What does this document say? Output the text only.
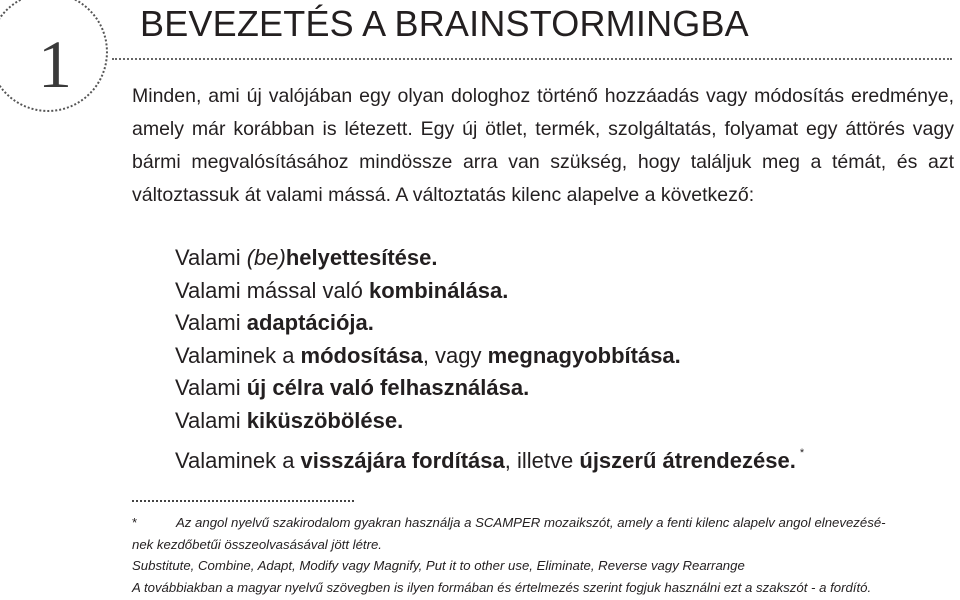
1
BEVEZETÉS A BRAINSTORMINGBA

Minden, ami új valójában egy olyan dologhoz történő hozzáadás vagy módosítás eredménye, amely már korábban is létezett. Egy új ötlet, termék, szolgáltatás, folyamat egy áttörés vagy bármi megvalósításához mindössze arra van szükség, hogy találjuk meg a témát, és azt változtassuk át valami mássá. A változtatás kilenc alapelve a következő:

Valami (be)helyettesítése.
Valami mással való kombinálása.
Valami adaptációja.
Valaminek a módosítása, vagy megnagyobbítása.
Valami új célra való felhasználása.
Valami kiküszöbölése.
Valaminek a visszájára fordítása, illetve újszerű átrendezése. *

*	Az angol nyelvű szakirodalom gyakran használja a SCAMPER mozaikszót, amely a fenti kilenc alapelv angol elnevezésé-

nek kezdőbetűi összeolvasásával jött létre.

Substitute, Combine, Adapt, Modify vagy Magnify, Put it to other use, Eliminate, Reverse vagy Rearrange

A továbbiakban a magyar nyelvű szövegben is ilyen formában és értelmezés szerint fogjuk használni ezt a szakszót - a fordító.
